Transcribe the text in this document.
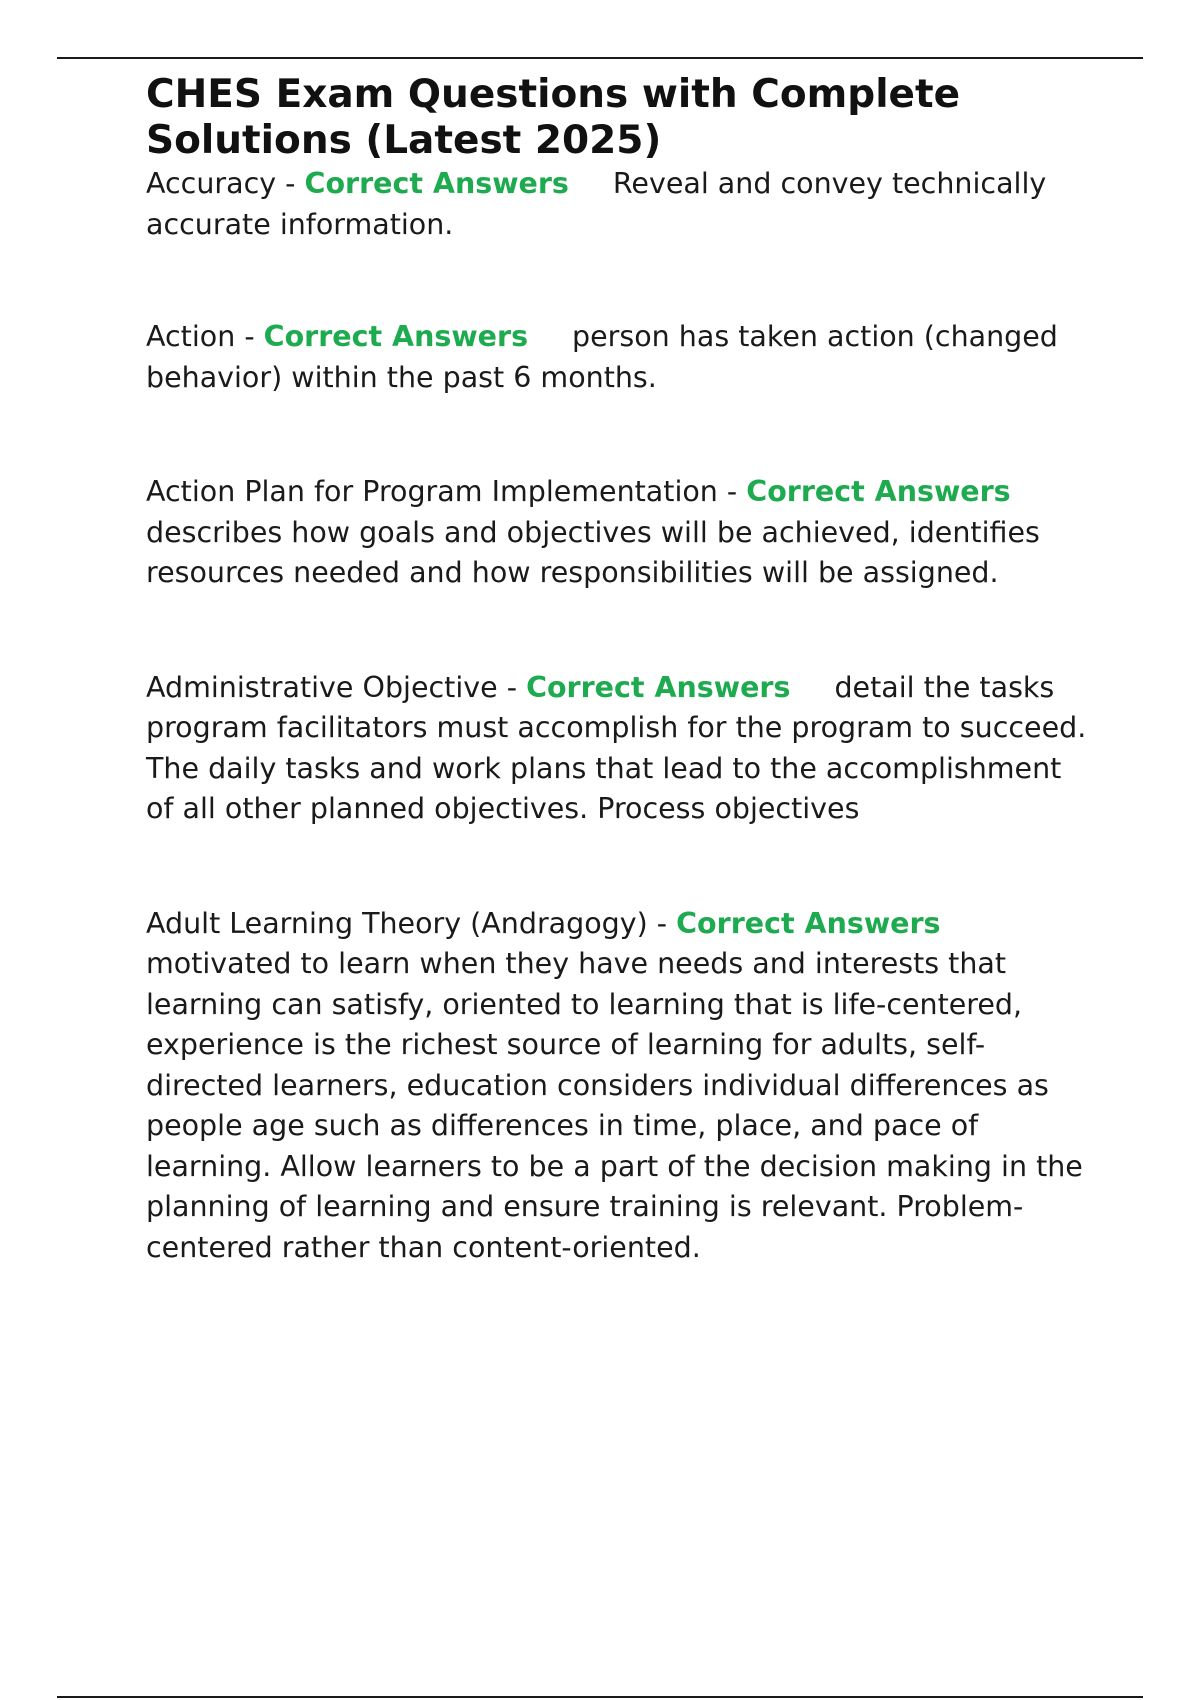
CHES Exam Questions with Complete Solutions (Latest 2025)

Accuracy - Correct Answers Reveal and convey technically accurate information.

Action - Correct Answers person has taken action (changed behavior) within the past 6 months.

Action Plan for Program Implementation - Correct Answersdescribes how goals and objectives will be achieved, identifies resources needed and how responsibilities will be assigned.

Administrative Objective - Correct Answers detail the tasks program facilitators must accomplish for the program to succeed. The daily tasks and work plans that lead to the accomplishment of all other planned objectives. Process objectives

Adult Learning Theory (Andragogy) - Correct Answersmotivated to learn when they have needs and interests that learning can satisfy, oriented to learning that is life-centered, experience is the richest source of learning for adults, self-directed learners, education considers individual differences as people age such as differences in time, place, and pace of learning. Allow learners to be a part of the decision making in the planning of learning and ensure training is relevant. Problem-centered rather than content-oriented.
